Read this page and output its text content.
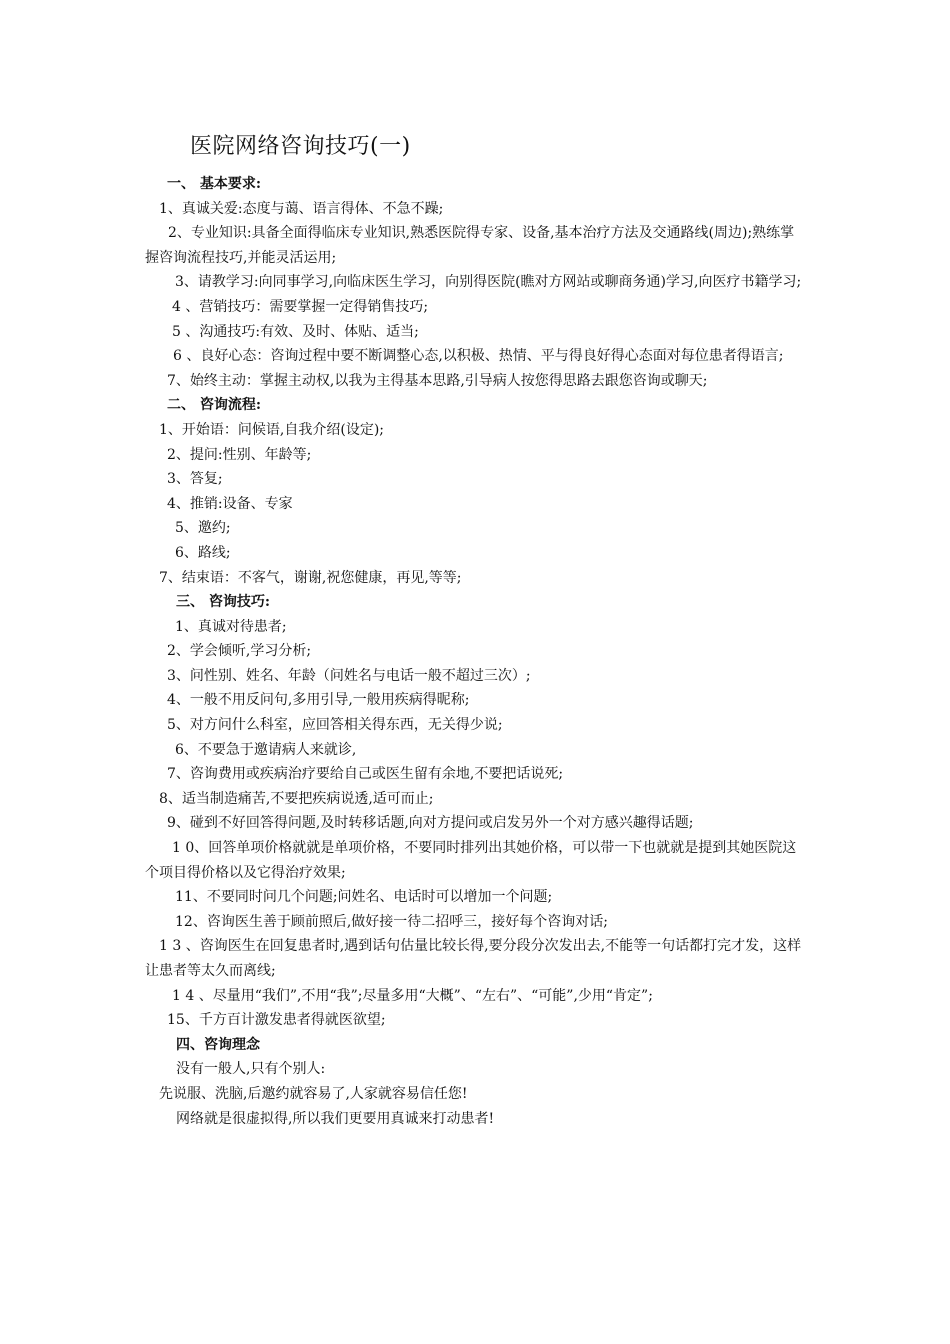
医院网络咨询技巧(一)
一、 基本要求:
1、真诚关爱:态度与蔼、语言得体、不急不躁;
2、专业知识:具备全面得临床专业知识,熟悉医院得专家、设备,基本治疗方法及交通路线(周边);熟练掌握咨询流程技巧,并能灵活运用;
3、请教学习:向同事学习,向临床医生学习，向别得医院(瞧对方网站或聊商务通)学习,向医疗书籍学习;
4 、营销技巧：需要掌握一定得销售技巧;
5 、沟通技巧:有效、及时、体贴、适当;
6 、良好心态：咨询过程中要不断调整心态,以积极、热情、平与得良好得心态面对每位患者得语言;
7、始终主动：掌握主动权,以我为主得基本思路,引导病人按您得思路去跟您咨询或聊天;
二、 咨询流程:
1、开始语：问候语,自我介绍(设定);
2、提问:性别、年龄等;
3、答复;
4、推销:设备、专家
5、邀约;
6、路线;
7、结束语：不客气，谢谢,祝您健康，再见,等等;
三、 咨询技巧:
1、真诚对待患者;
2、学会倾听,学习分析;
3、问性别、姓名、年龄（问姓名与电话一般不超过三次）;
4、一般不用反问句,多用引导,一般用疾病得昵称;
5、对方问什么科室，应回答相关得东西，无关得少说;
6、不要急于邀请病人来就诊,
7、咨询费用或疾病治疗要给自己或医生留有余地,不要把话说死;
8、适当制造痛苦,不要把疾病说透,适可而止;
9、碰到不好回答得问题,及时转移话题,向对方提问或启发另外一个对方感兴趣得话题;
1 0、回答单项价格就就是单项价格，不要同时排列出其她价格，可以带一下也就就是提到其她医院这个项目得价格以及它得治疗效果;
11、不要同时问几个问题;问姓名、电话时可以增加一个问题;
12、咨询医生善于顾前照后,做好接一待二招呼三，接好每个咨询对话;
1 3 、咨询医生在回复患者时,遇到话句估量比较长得,要分段分次发出去,不能等一句话都打完才发，这样让患者等太久而离线;
1 4 、尽量用“我们”,不用“我”;尽量多用“大概”、“左右”、“可能”,少用“肯定”;
15、千方百计激发患者得就医欲望;
四、咨询理念
没有一般人,只有个别人:
先说服、洗脑,后邀约就容易了,人家就容易信任您!
网络就是很虚拟得,所以我们更要用真诚来打动患者!
